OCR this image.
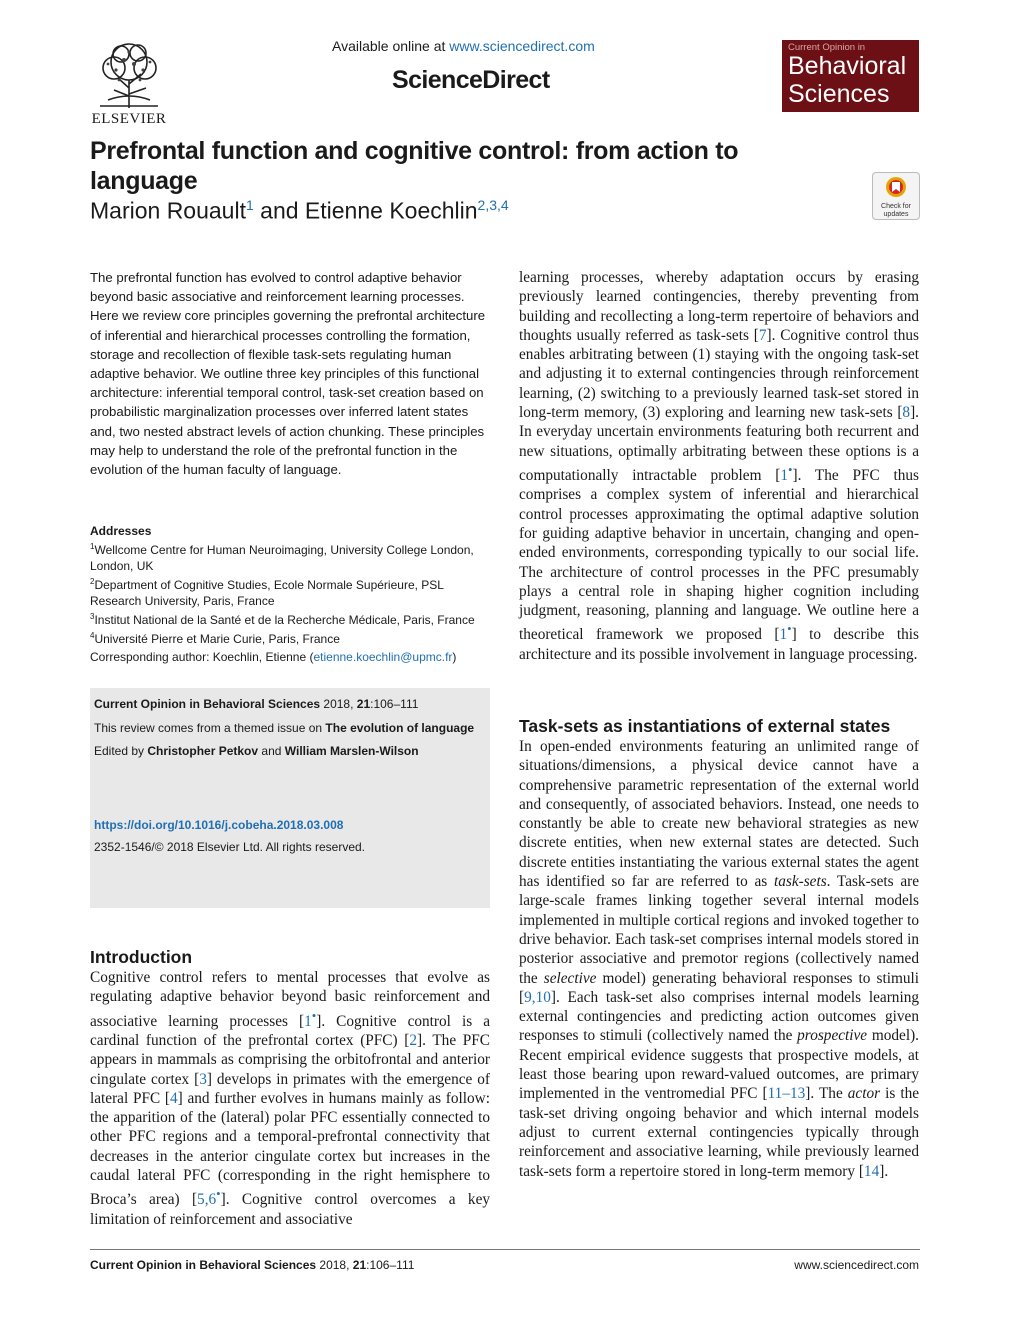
ELSEVIER
Available online at www.sciencedirect.com
ScienceDirect
Current Opinion in
Behavioral
Sciences
Prefrontal function and cognitive control: from action to language
Marion Rouault$^1$ and Etienne Koechlin$^{2,3,4}$	Check for updates

The prefrontal function has evolved to control adaptive behavior beyond basic associative and reinforcement learning processes. Here we review core principles governing the prefrontal architecture of inferential and hierarchical processes controlling the formation, storage and recollection of flexible task-sets regulating human adaptive behavior. We outline three key principles of this functional architecture: inferential temporal control, task-set creation based on probabilistic marginalization processes over inferred latent states and, two nested abstract levels of action chunking. These principles may help to understand the role of the prefrontal function in the evolution of the human faculty of language.

Addresses
$^1$Wellcome Centre for Human Neuroimaging, University College London, London, UK
$^2$Department of Cognitive Studies, Ecole Normale Supérieure, PSL Research University, Paris, France
$^3$Institut National de la Santé et de la Recherche Médicale, Paris, France
$^4$Université Pierre et Marie Curie, Paris, France
Corresponding author: Koechlin, Etienne (etienne.koechlin@upmc.fr)
Current Opinion in Behavioral Sciences 2018, 21:106–111
This review comes from a themed issue on The evolution of language
Edited by Christopher Petkov and William Marslen-Wilson
https://doi.org/10.1016/j.cobeha.2018.03.008
2352-1546/© 2018 Elsevier Ltd. All rights reserved.
Introduction

Cognitive control refers to mental processes that evolve as regulating adaptive behavior beyond basic reinforcement and associative learning processes [1•]. Cognitive control is a cardinal function of the prefrontal cortex (PFC) [2]. The PFC appears in mammals as comprising the orbitofrontal and anterior cingulate cortex [3] develops in primates with the emergence of lateral PFC [4] and further evolves in humans mainly as follow: the apparition of the (lateral) polar PFC essentially connected to other PFC regions and a temporal-prefrontal connectivity that decreases in the anterior cingulate cortex but increases in the caudal lateral PFC (corresponding in the right hemisphere to Broca’s area) [5,6•]. Cognitive control overcomes a key limitation of reinforcement and associative

learning processes, whereby adaptation occurs by erasing previously learned contingencies, thereby preventing from building and recollecting a long-term repertoire of behaviors and thoughts usually referred as task-sets [7]. Cognitive control thus enables arbitrating between (1) staying with the ongoing task-set and adjusting it to external contingencies through reinforcement learning, (2) switching to a previously learned task-set stored in long-term memory, (3) exploring and learning new task-sets [8]. In everyday uncertain environments featuring both recurrent and new situations, optimally arbitrating between these options is a computationally intractable problem [1•]. The PFC thus comprises a complex system of inferential and hierarchical control processes approximating the optimal adaptive solution for guiding adaptive behavior in uncertain, changing and open-ended environments, corresponding typically to our social life. The architecture of control processes in the PFC presumably plays a central role in shaping higher cognition including judgment, reasoning, planning and language. We outline here a theoretical framework we proposed [1•] to describe this architecture and its possible involvement in language processing.

Task-sets as instantiations of external states

In open-ended environments featuring an unlimited range of situations/dimensions, a physical device cannot have a comprehensive parametric representation of the external world and consequently, of associated behaviors. Instead, one needs to constantly be able to create new behavioral strategies as new discrete entities, when new external states are detected. Such discrete entities instantiating the various external states the agent has identified so far are referred to as task-sets. Task-sets are large-scale frames linking together several internal models implemented in multiple cortical regions and invoked together to drive behavior. Each task-set comprises internal models stored in posterior associative and premotor regions (collectively named the selective model) generating behavioral responses to stimuli [9,10]. Each task-set also comprises internal models learning external contingencies and predicting action outcomes given responses to stimuli (collectively named the prospective model). Recent empirical evidence suggests that prospective models, at least those bearing upon reward-valued outcomes, are primary implemented in the ventromedial PFC [11–13]. The actor is the task-set driving ongoing behavior and which internal models adjust to current external contingencies typically through reinforcement and associative learning, while previously learned task-sets form a repertoire stored in long-term memory [14].

Current Opinion in Behavioral Sciences 2018, 21:106–111	www.sciencedirect.com
